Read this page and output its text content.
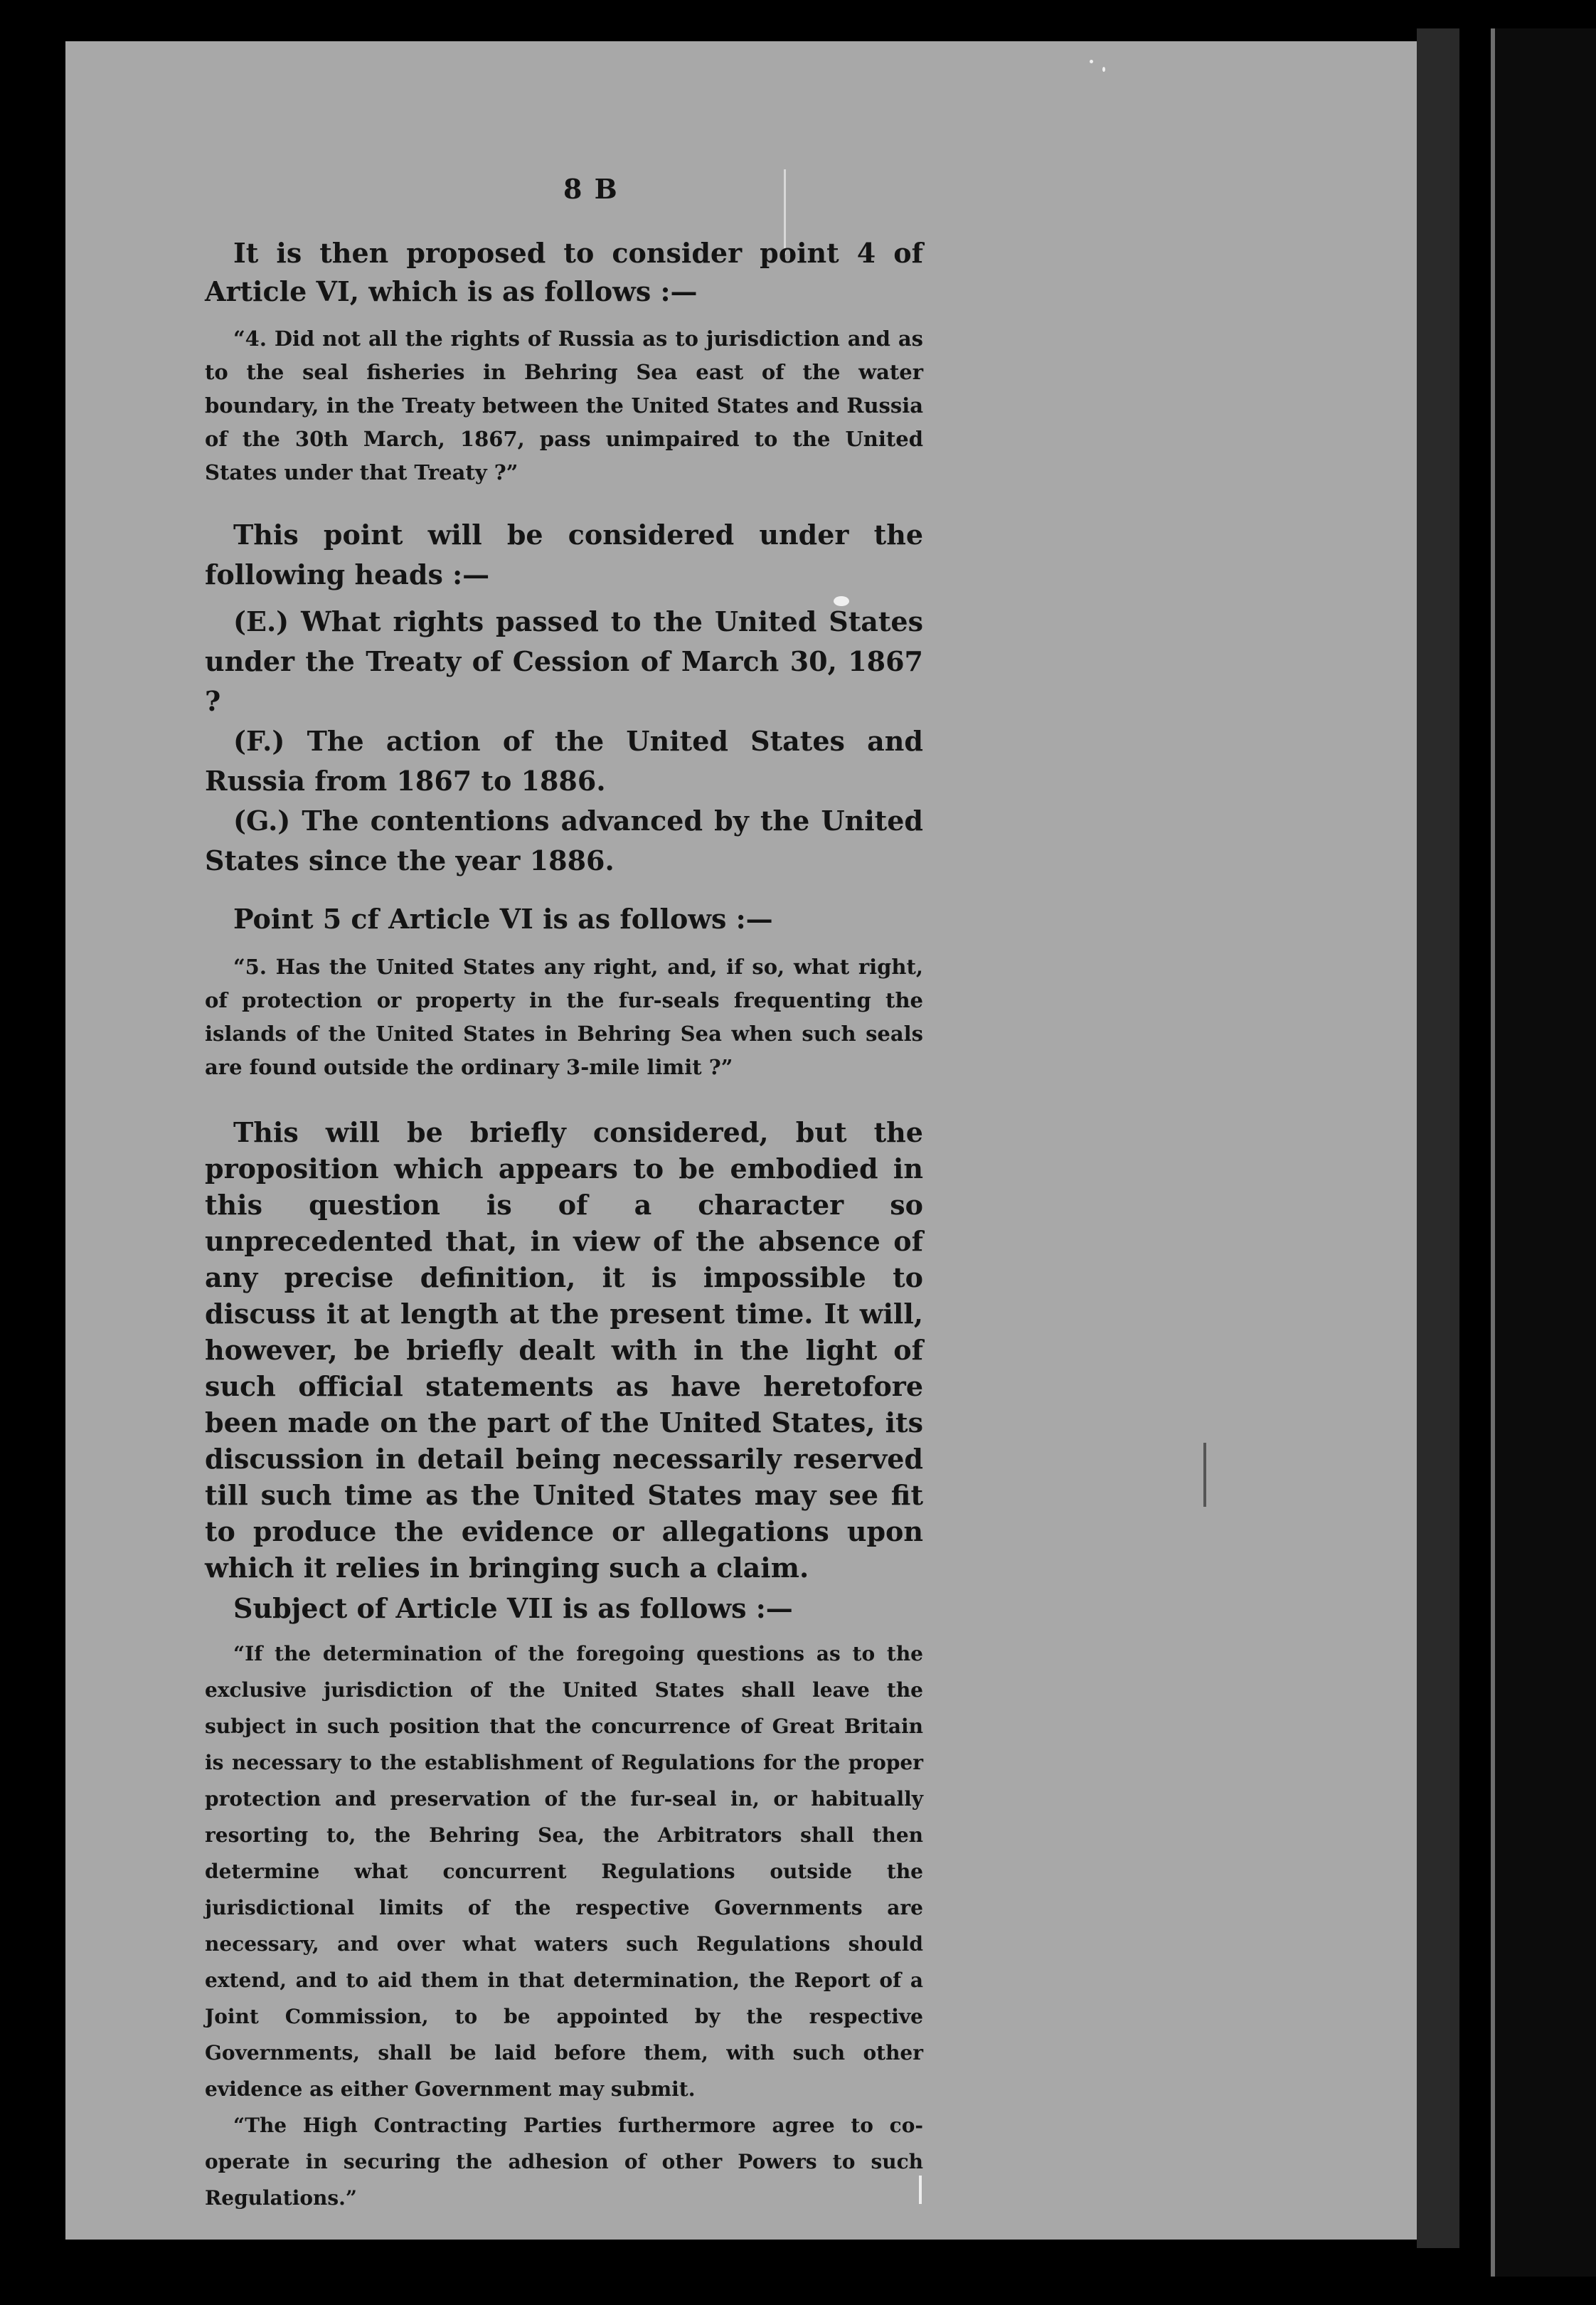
8 B

It is then proposed to consider point 4 of Article VI, which is as follows :—

“4. Did not all the rights of Russia as to jurisdiction and as to the seal fisheries in Behring Sea east of the water boundary, in the Treaty between the United States and Russia of the 30th March, 1867, pass unimpaired to the United States under that Treaty ?”

This point will be considered under the following heads :—

(E.) What rights passed to the United States under the Treaty of Cession of March 30, 1867 ?

(F.) The action of the United States and Russia from 1867 to 1886.

(G.) The contentions advanced by the United States since the year 1886.

Point 5 cf Article VI is as follows :—

“5. Has the United States any right, and, if so, what right, of protection or property in the fur-seals frequenting the islands of the United States in Behring Sea when such seals are found outside the ordinary 3-mile limit ?”

This will be briefly considered, but the proposition which appears to be embodied in this question is of a character so unprecedented that, in view of the absence of any precise definition, it is impossible to discuss it at length at the present time. It will, however, be briefly dealt with in the light of such official statements as have heretofore been made on the part of the United States, its discussion in detail being necessarily reserved till such time as the United States may see fit to produce the evidence or allegations upon which it relies in bringing such a claim.

Subject of Article VII is as follows :—

“If the determination of the foregoing questions as to the exclusive jurisdiction of the United States shall leave the subject in such position that the concurrence of Great Britain is necessary to the establishment of Regulations for the proper protection and preservation of the fur-seal in, or habitually resorting to, the Behring Sea, the Arbitrators shall then determine what concurrent Regulations outside the jurisdictional limits of the respective Governments are necessary, and over what waters such Regulations should extend, and to aid them in that determination, the Report of a Joint Commission, to be appointed by the respective Governments, shall be laid before them, with such other evidence as either Government may submit.

“The High Contracting Parties furthermore agree to co-operate in securing the adhesion of other Powers to such Regulations.”
